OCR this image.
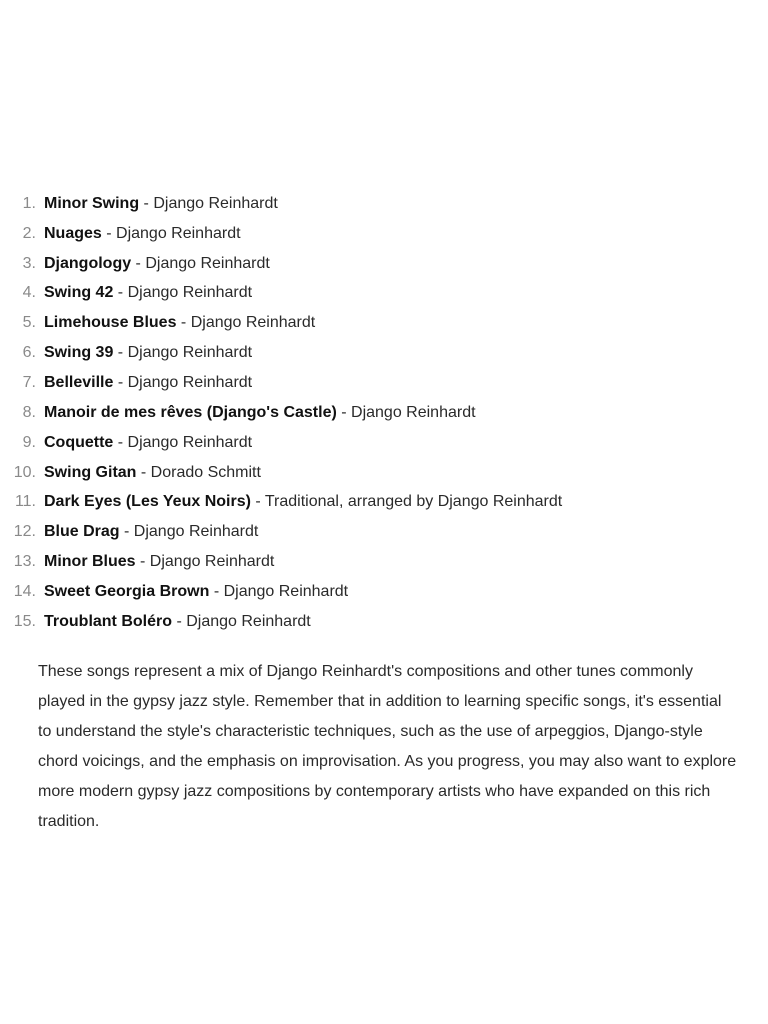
1. Minor Swing - Django Reinhardt
2. Nuages - Django Reinhardt
3. Djangology - Django Reinhardt
4. Swing 42 - Django Reinhardt
5. Limehouse Blues - Django Reinhardt
6. Swing 39 - Django Reinhardt
7. Belleville - Django Reinhardt
8. Manoir de mes rêves (Django's Castle) - Django Reinhardt
9. Coquette - Django Reinhardt
10. Swing Gitan - Dorado Schmitt
11. Dark Eyes (Les Yeux Noirs) - Traditional, arranged by Django Reinhardt
12. Blue Drag - Django Reinhardt
13. Minor Blues - Django Reinhardt
14. Sweet Georgia Brown - Django Reinhardt
15. Troublant Boléro - Django Reinhardt

These songs represent a mix of Django Reinhardt's compositions and other tunes commonly played in the gypsy jazz style. Remember that in addition to learning specific songs, it's essential to understand the style's characteristic techniques, such as the use of arpeggios, Django-style chord voicings, and the emphasis on improvisation. As you progress, you may also want to explore more modern gypsy jazz compositions by contemporary artists who have expanded on this rich tradition.
